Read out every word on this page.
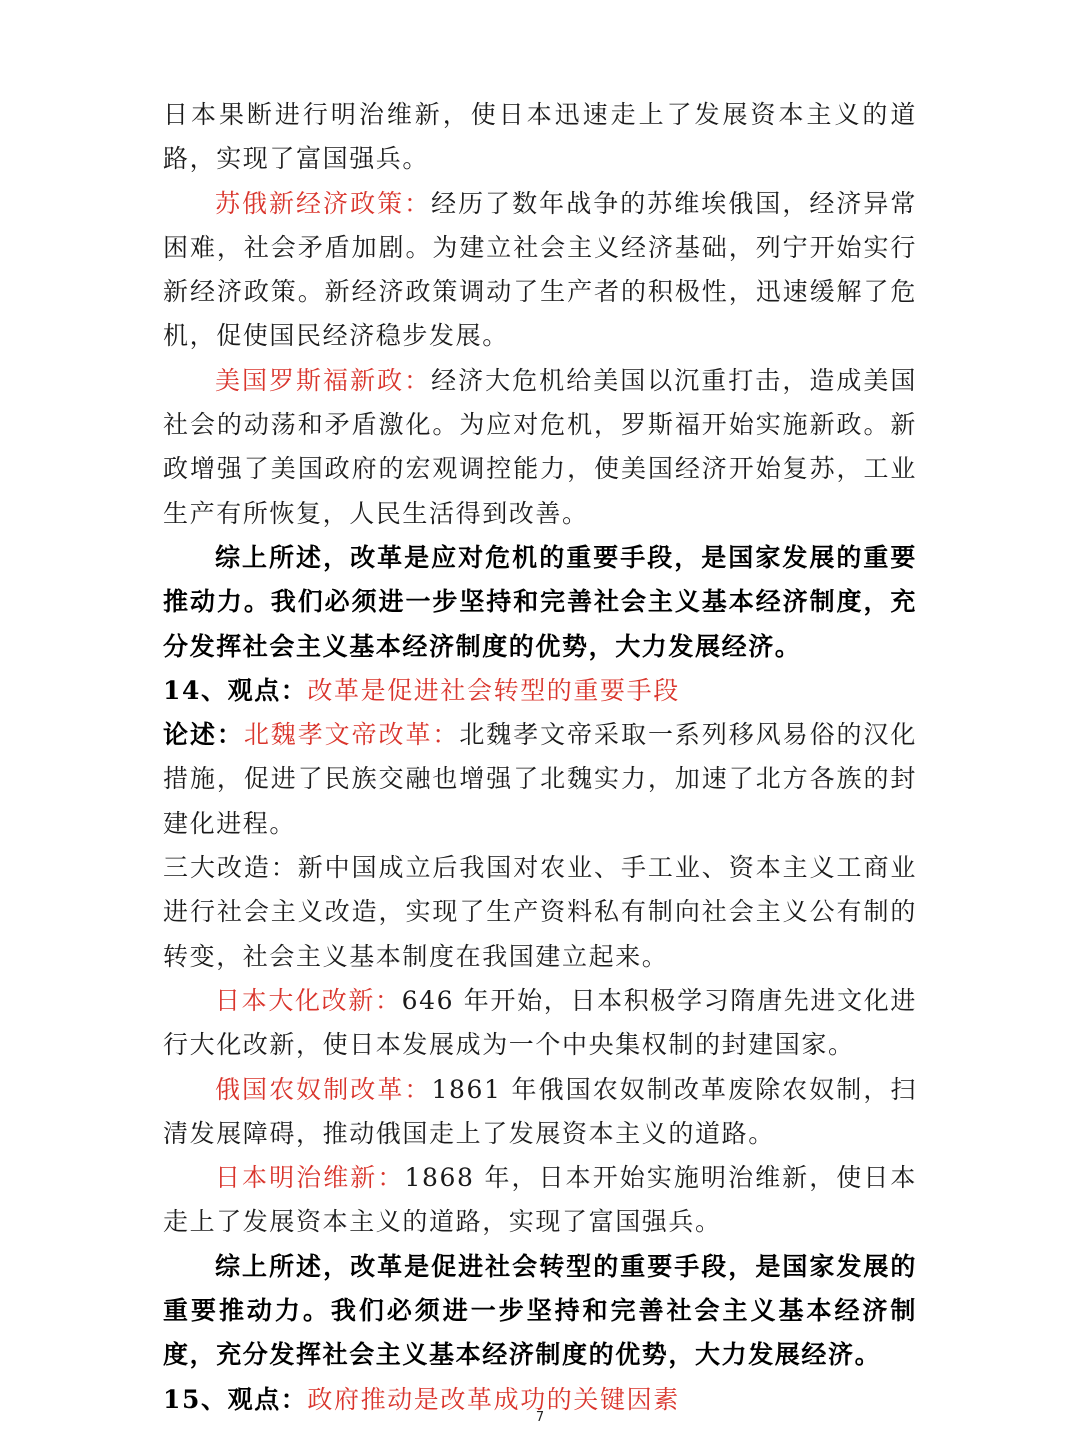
日本果断进行明治维新，使日本迅速走上了发展资本主义的道路，实现了富国强兵。

苏俄新经济政策：经历了数年战争的苏维埃俄国，经济异常困难，社会矛盾加剧。为建立社会主义经济基础，列宁开始实行新经济政策。新经济政策调动了生产者的积极性，迅速缓解了危机，促使国民经济稳步发展。

美国罗斯福新政：经济大危机给美国以沉重打击，造成美国社会的动荡和矛盾激化。为应对危机，罗斯福开始实施新政。新政增强了美国政府的宏观调控能力，使美国经济开始复苏，工业生产有所恢复，人民生活得到改善。

综上所述，改革是应对危机的重要手段，是国家发展的重要推动力。我们必须进一步坚持和完善社会主义基本经济制度，充分发挥社会主义基本经济制度的优势，大力发展经济。

14、观点：改革是促进社会转型的重要手段

论述：北魏孝文帝改革：北魏孝文帝采取一系列移风易俗的汉化措施，促进了民族交融也增强了北魏实力，加速了北方各族的封建化进程。

三大改造：新中国成立后我国对农业、手工业、资本主义工商业进行社会主义改造，实现了生产资料私有制向社会主义公有制的转变，社会主义基本制度在我国建立起来。

日本大化改新：646 年开始，日本积极学习隋唐先进文化进行大化改新，使日本发展成为一个中央集权制的封建国家。

俄国农奴制改革：1861 年俄国农奴制改革废除农奴制，扫清发展障碍，推动俄国走上了发展资本主义的道路。

日本明治维新：1868 年，日本开始实施明治维新，使日本走上了发展资本主义的道路，实现了富国强兵。

综上所述，改革是促进社会转型的重要手段，是国家发展的重要推动力。我们必须进一步坚持和完善社会主义基本经济制度，充分发挥社会主义基本经济制度的优势，大力发展经济。

15、观点：政府推动是改革成功的关键因素

7
